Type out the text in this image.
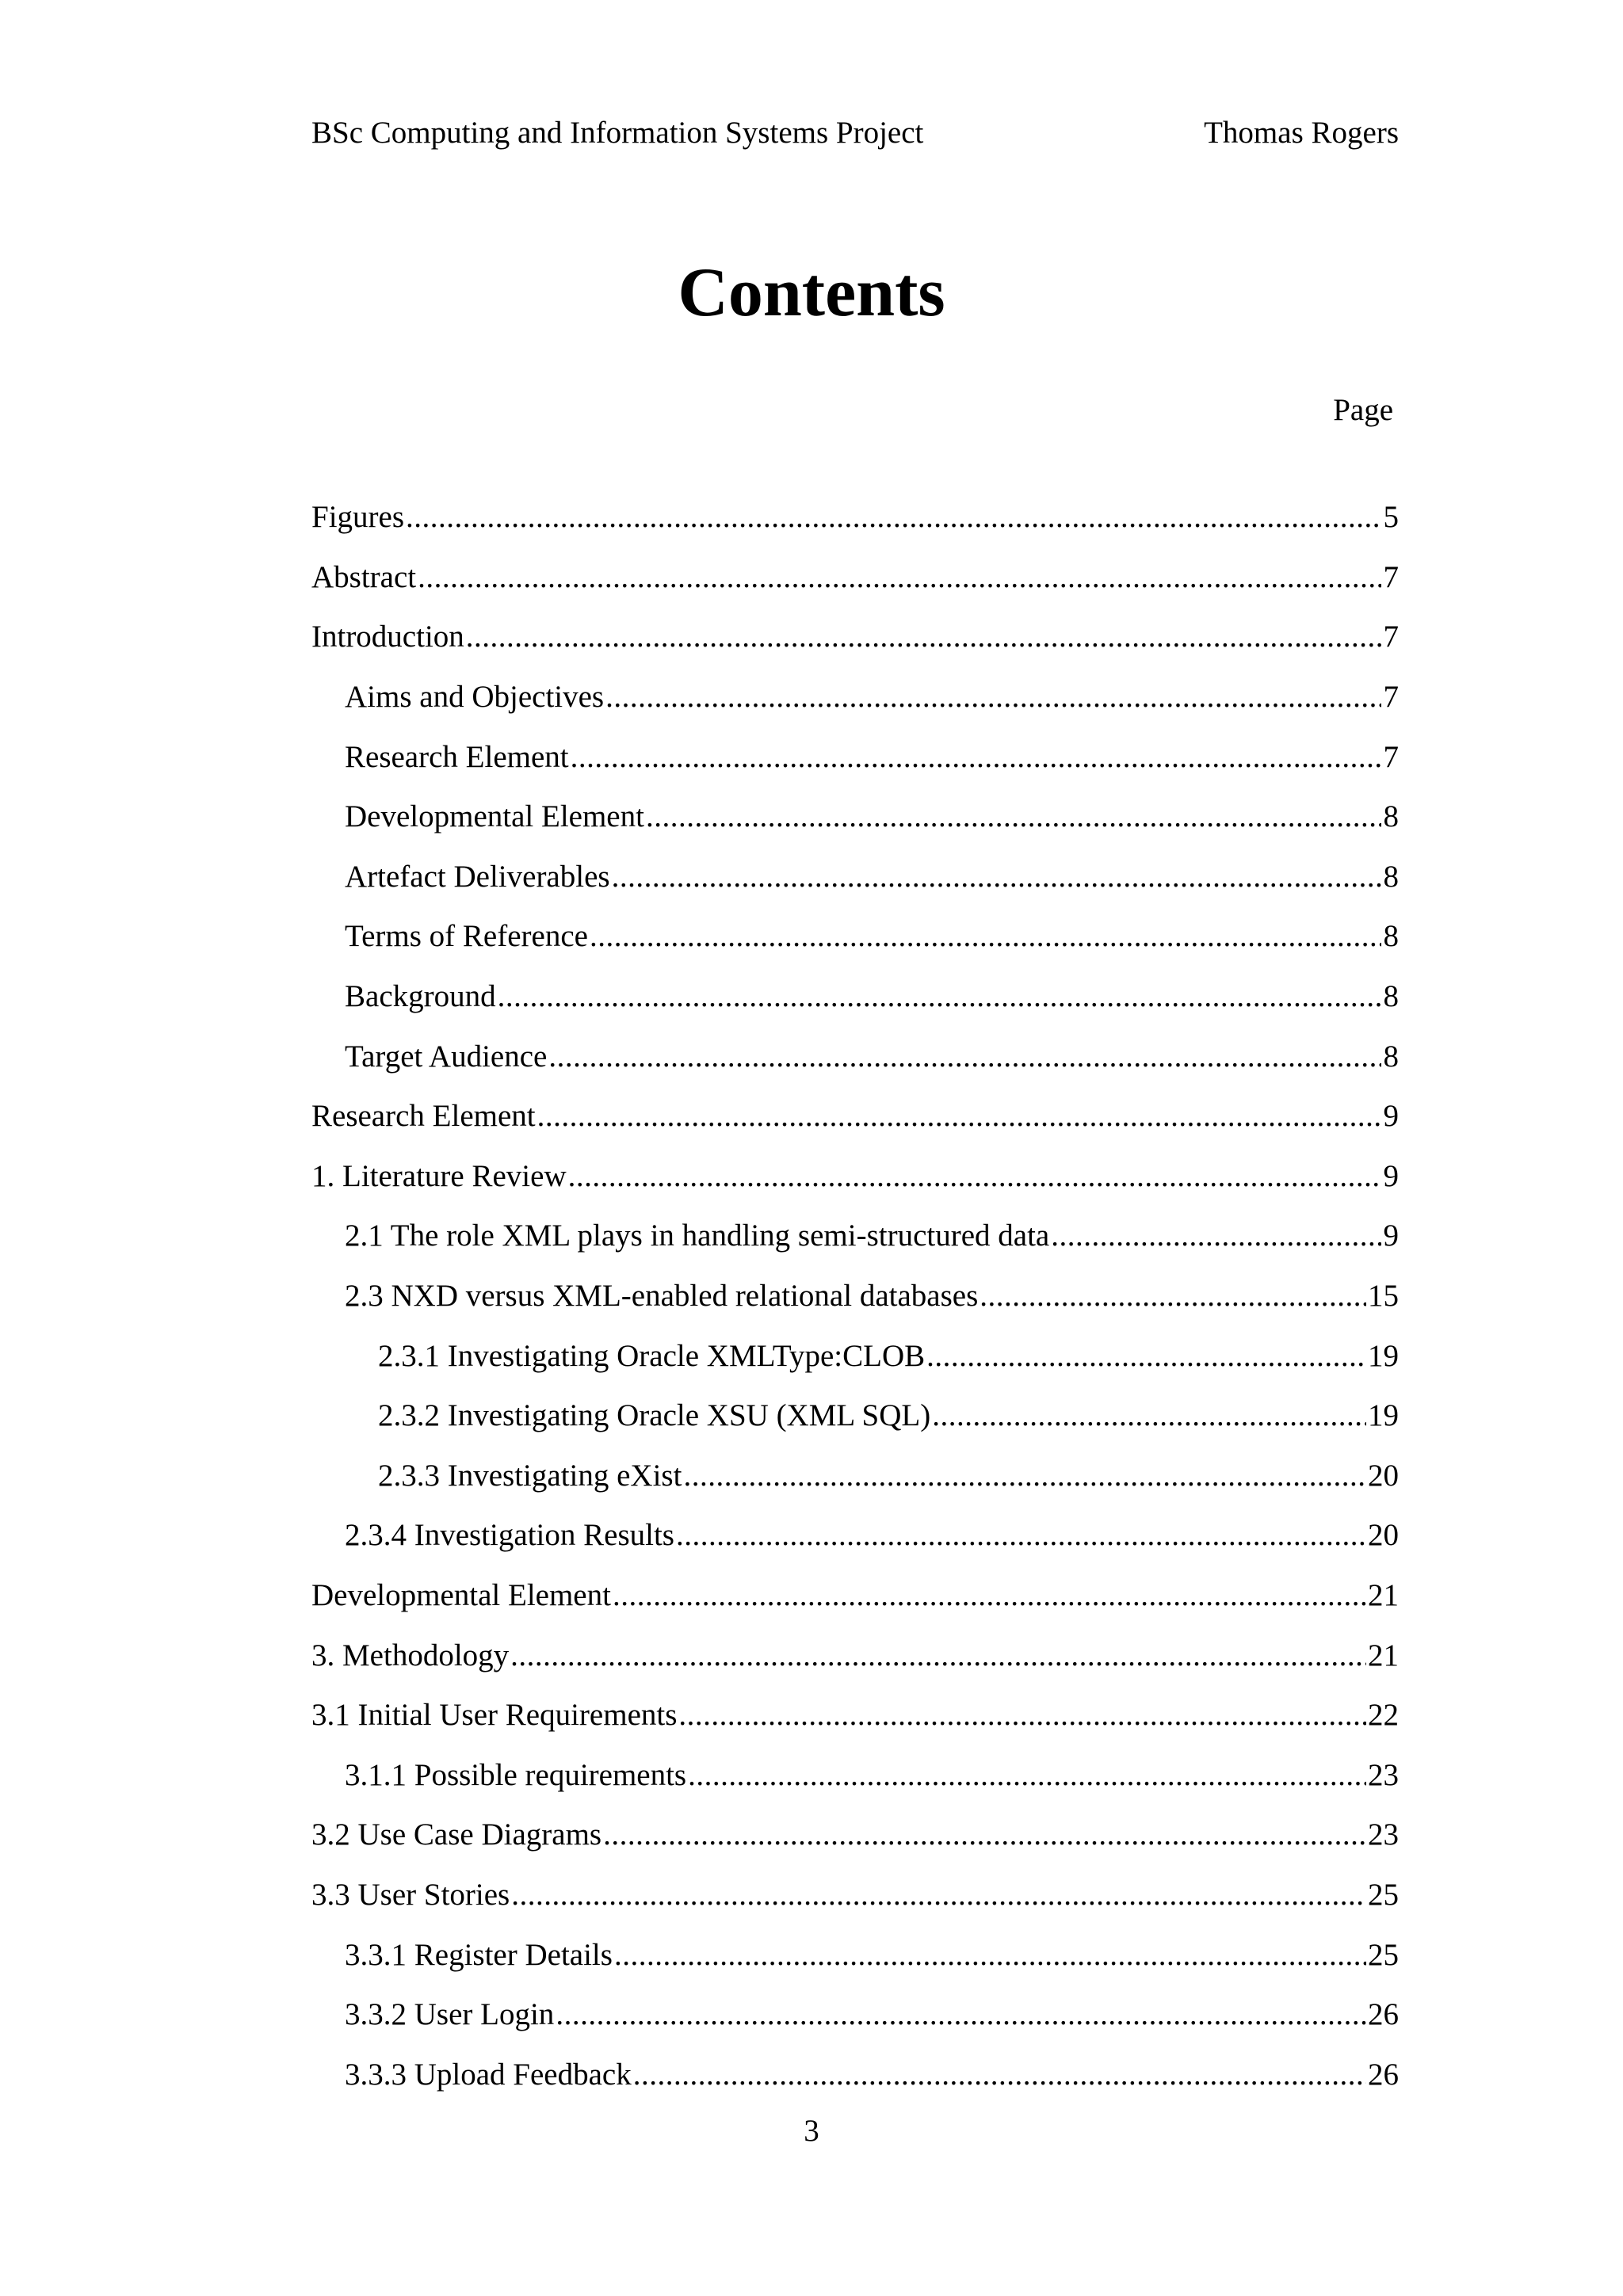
BSc Computing and Information Systems Project	Thomas Rogers
Contents
Page
Figures .....	5
Abstract .....	7
Introduction .....	7
Aims and Objectives .....	7
Research Element .....	7
Developmental Element .....	8
Artefact Deliverables .....	8
Terms of Reference .....	8
Background .....	8
Target Audience .....	8
Research Element .....	9
1. Literature Review .....	9
2.1 The role XML plays in handling semi-structured data .....	9
2.3 NXD versus XML-enabled relational databases .....	15
2.3.1 Investigating Oracle XMLType:CLOB .....	19
2.3.2 Investigating Oracle XSU (XML SQL) .....	19
2.3.3 Investigating eXist .....	20
2.3.4 Investigation Results .....	20
Developmental Element .....	21
3. Methodology .....	21
3.1 Initial User Requirements .....	22
3.1.1 Possible requirements .....	23
3.2 Use Case Diagrams .....	23
3.3 User Stories .....	25
3.3.1 Register Details .....	25
3.3.2 User Login .....	26
3.3.3 Upload Feedback .....	26
3
